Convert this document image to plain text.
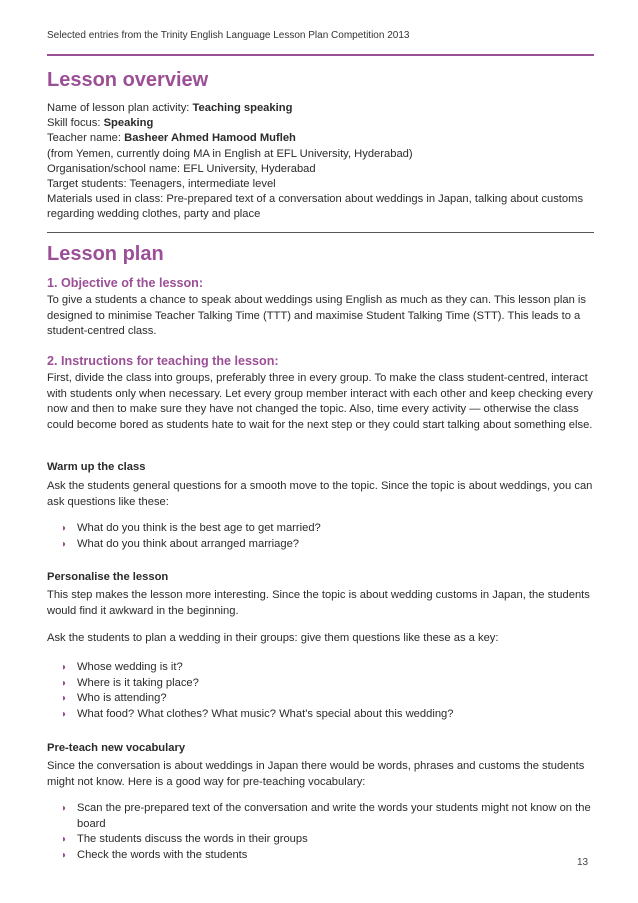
Selected entries from the Trinity English Language Lesson Plan Competition 2013
Lesson overview

Name of lesson plan activity: Teaching speaking

Skill focus: Speaking

Teacher name: Basheer Ahmed Hamood Mufleh

(from Yemen, currently doing MA in English at EFL University, Hyderabad)

Organisation/school name: EFL University, Hyderabad

Target students: Teenagers, intermediate level

Materials used in class: Pre-prepared text of a conversation about weddings in Japan, talking about customs regarding wedding clothes, party and place

Lesson plan
1. Objective of the lesson:

To give a students a chance to speak about weddings using English as much as they can. This lesson plan is designed to minimise Teacher Talking Time (TTT) and maximise Student Talking Time (STT). This leads to a student-centred class.

2. Instructions for teaching the lesson:

First, divide the class into groups, preferably three in every group. To make the class student-centred, interact with students only when necessary. Let every group member interact with each other and keep checking every now and then to make sure they have not changed the topic. Also, time every activity — otherwise the class could become bored as students hate to wait for the next step or they could start talking about something else.

Warm up the class

Ask the students general questions for a smooth move to the topic. Since the topic is about weddings, you can ask questions like these:

◗ What do you think is the best age to get married?
◗ What do you think about arranged marriage?
Personalise the lesson

This step makes the lesson more interesting. Since the topic is about wedding customs in Japan, the students would find it awkward in the beginning.

Ask the students to plan a wedding in their groups: give them questions like these as a key:

◗ Whose wedding is it?
◗ Where is it taking place?
◗ Who is attending?
◗ What food? What clothes? What music? What's special about this wedding?
Pre-teach new vocabulary

Since the conversation is about weddings in Japan there would be words, phrases and customs the students might not know. Here is a good way for pre-teaching vocabulary:

◗ Scan the pre-prepared text of the conversation and write the words your students might not know on the board
◗ The students discuss the words in their groups
◗ Check the words with the students
13
